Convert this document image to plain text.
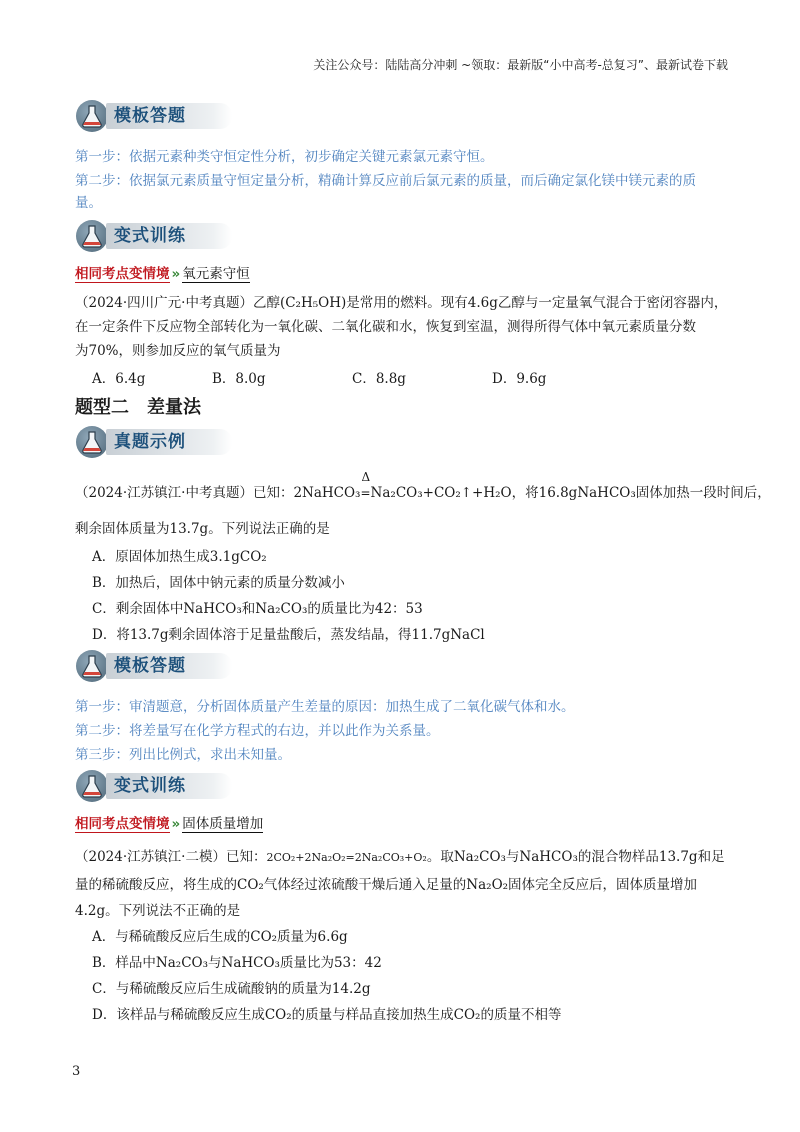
关注公众号：陆陆高分冲刺 ~领取：最新版“小中高考-总复习”、最新试卷下载
模板答题
第一步：依据元素种类守恒定性分析，初步确定关键元素氯元素守恒。
第二步：依据氯元素质量守恒定量分析，精确计算反应前后氯元素的质量，而后确定氯化镁中镁元素的质
量。
变式训练
相同考点变情境 » 氧元素守恒
（2024·四川广元·中考真题）乙醇(C₂H₅OH)是常用的燃料。现有4.6g乙醇与一定量氧气混合于密闭容器内，
在一定条件下反应物全部转化为一氧化碳、二氧化碳和水，恢复到室温，测得所得气体中氧元素质量分数
为70%，则参加反应的氧气质量为
A．6.4g	B．8.0g	C．8.8g	D．9.6g
题型二　差量法
真题示例
（2024·江苏镇江·中考真题）已知：2NaHCO₃
Δ
=Na₂CO₃+CO₂↑+H₂O，将16.8gNaHCO₃固体加热一段时间后，
剩余固体质量为13.7g。下列说法正确的是
A．原固体加热生成3.1gCO₂
B．加热后，固体中钠元素的质量分数减小
C．剩余固体中NaHCO₃和Na₂CO₃的质量比为42：53
D．将13.7g剩余固体溶于足量盐酸后，蒸发结晶，得11.7gNaCl
模板答题
第一步：审清题意，分析固体质量产生差量的原因：加热生成了二氧化碳气体和水。
第二步：将差量写在化学方程式的右边，并以此作为关系量。
第三步：列出比例式，求出未知量。
变式训练
相同考点变情境 » 固体质量增加
（2024·江苏镇江·二模）已知：2CO₂+2Na₂O₂=2Na₂CO₃+O₂。取Na₂CO₃与NaHCO₃的混合物样品13.7g和足
量的稀硫酸反应，将生成的CO₂气体经过浓硫酸干燥后通入足量的Na₂O₂固体完全反应后，固体质量增加
4.2g。下列说法不正确的是
A．与稀硫酸反应后生成的CO₂质量为6.6g
B．样品中Na₂CO₃与NaHCO₃质量比为53：42
C．与稀硫酸反应后生成硫酸钠的质量为14.2g
D．该样品与稀硫酸反应生成CO₂的质量与样品直接加热生成CO₂的质量不相等
3
